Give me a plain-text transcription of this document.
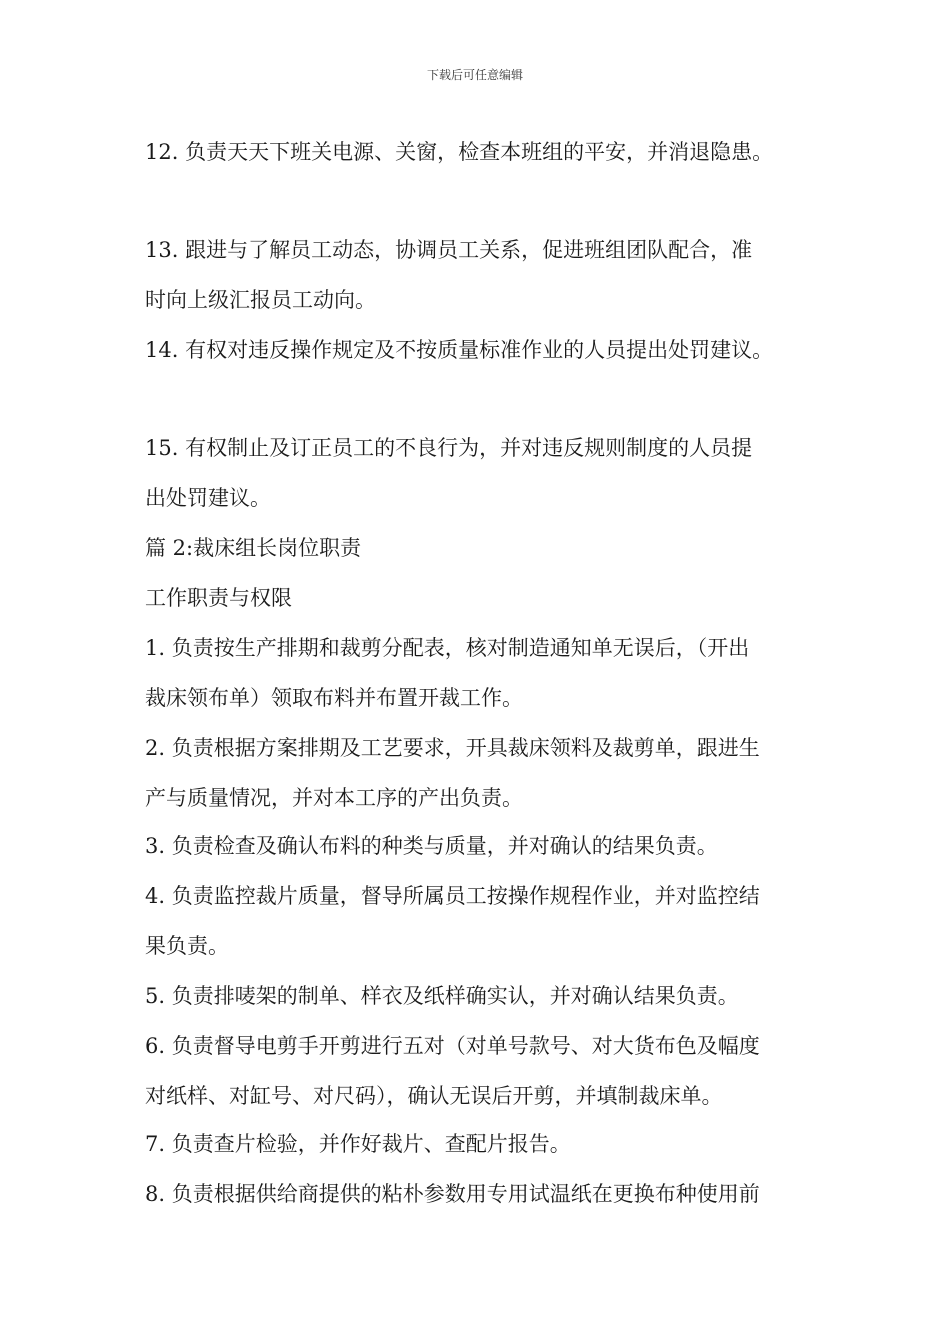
下载后可任意编辑
12. 负责天天下班关电源、关窗，检查本班组的平安，并消退隐患。
13. 跟进与了解员工动态，协调员工关系，促进班组团队配合，准
时向上级汇报员工动向。
14. 有权对违反操作规定及不按质量标准作业的人员提出处罚建议。
15. 有权制止及订正员工的不良行为，并对违反规则制度的人员提
出处罚建议。
篇 2:裁床组长岗位职责
工作职责与权限
1. 负责按生产排期和裁剪分配表，核对制造通知单无误后，（开出
裁床领布单）领取布料并布置开裁工作。
2. 负责根据方案排期及工艺要求，开具裁床领料及裁剪单，跟进生
产与质量情况，并对本工序的产出负责。
3. 负责检查及确认布料的种类与质量，并对确认的结果负责。
4. 负责监控裁片质量，督导所属员工按操作规程作业，并对监控结
果负责。
5. 负责排唛架的制单、样衣及纸样确实认，并对确认结果负责。
6. 负责督导电剪手开剪进行五对（对单号款号、对大货布色及幅度
对纸样、对缸号、对尺码），确认无误后开剪，并填制裁床单。
7. 负责查片检验，并作好裁片、查配片报告。
8. 负责根据供给商提供的粘朴参数用专用试温纸在更换布种使用前
